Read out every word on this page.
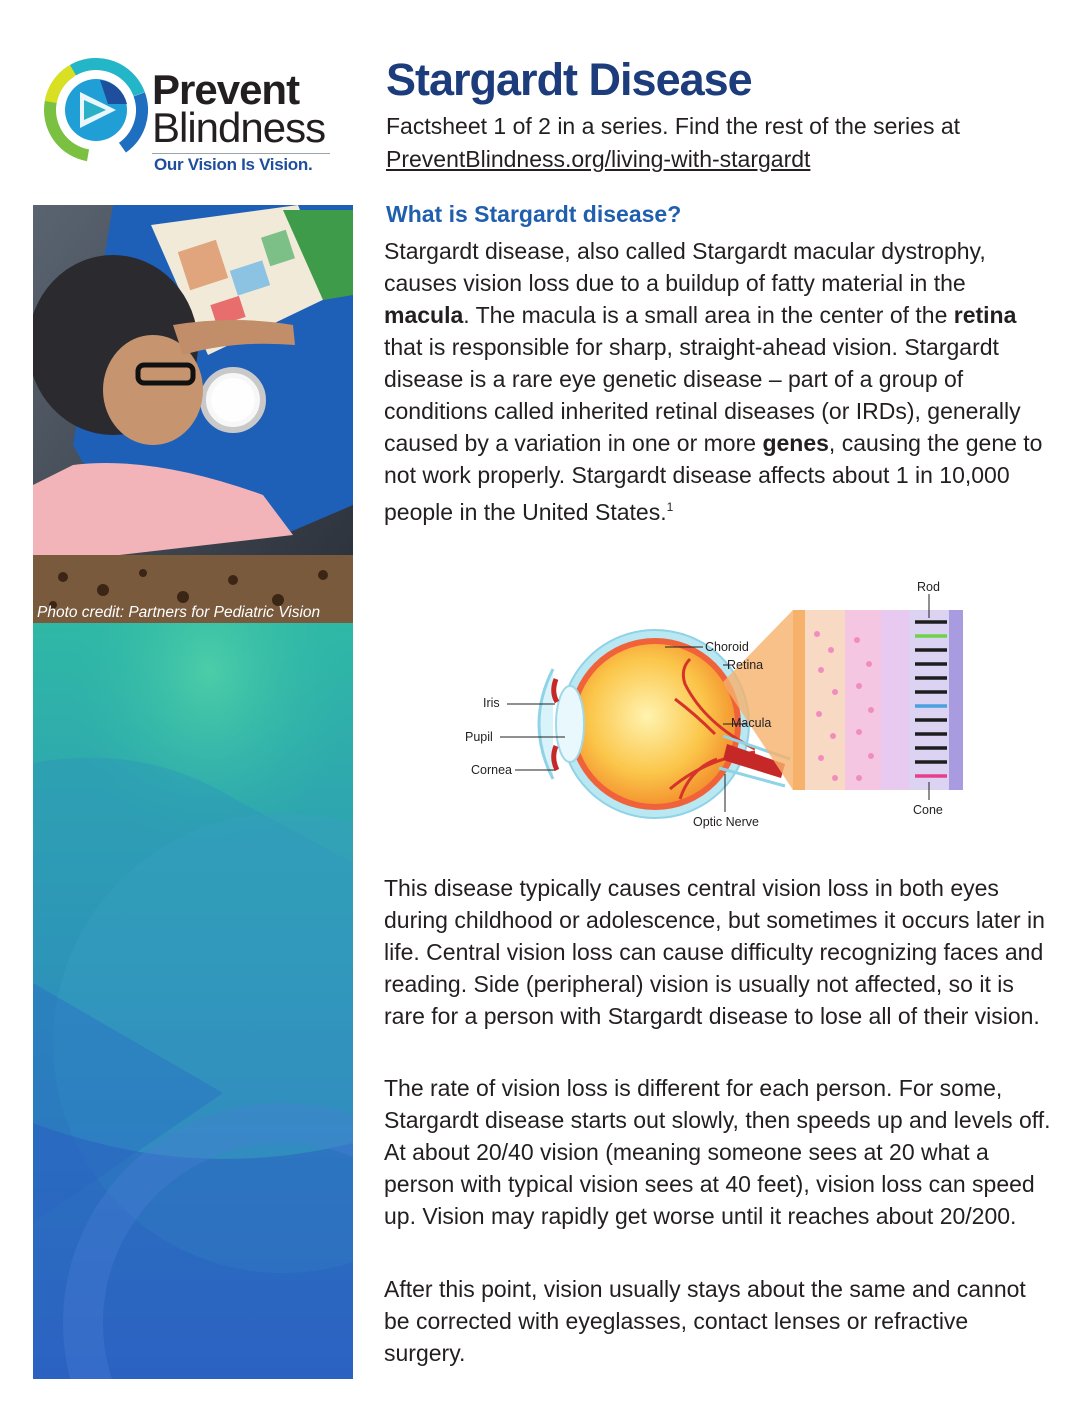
Prevent
Blindness
Our Vision Is Vision.
Photo credit: Partners for Pediatric Vision
Stargardt Disease
Factsheet 1 of 2 in a series. Find the rest of the series at PreventBlindness.org/living-with-stargardt
What is Stargardt disease?

Stargardt disease, also called Stargardt macular dystrophy, causes vision loss due to a buildup of fatty material in the macula. The macula is a small area in the center of the retina that is responsible for sharp, straight-ahead vision. Stargardt disease is a rare eye genetic disease – part of a group of conditions called inherited retinal diseases (or IRDs), generally caused by a variation in one or more genes, causing the gene to not work properly. Stargardt disease affects about 1 in 10,000 people in the United States.$^1$

Rod
Choroid
Retina
Iris
Pupil
Macula
Cornea
Cone
Optic Nerve

This disease typically causes central vision loss in both eyes during childhood or adolescence, but sometimes it occurs later in life. Central vision loss can cause difficulty recognizing faces and reading. Side (peripheral) vision is usually not affected, so it is rare for a person with Stargardt disease to lose all of their vision.

The rate of vision loss is different for each person. For some, Stargardt disease starts out slowly, then speeds up and levels off. At about 20/40 vision (meaning someone sees at 20 what a person with typical vision sees at 40 feet), vision loss can speed up. Vision may rapidly get worse until it reaches about 20/200.

After this point, vision usually stays about the same and cannot be corrected with eyeglasses, contact lenses or refractive surgery.
